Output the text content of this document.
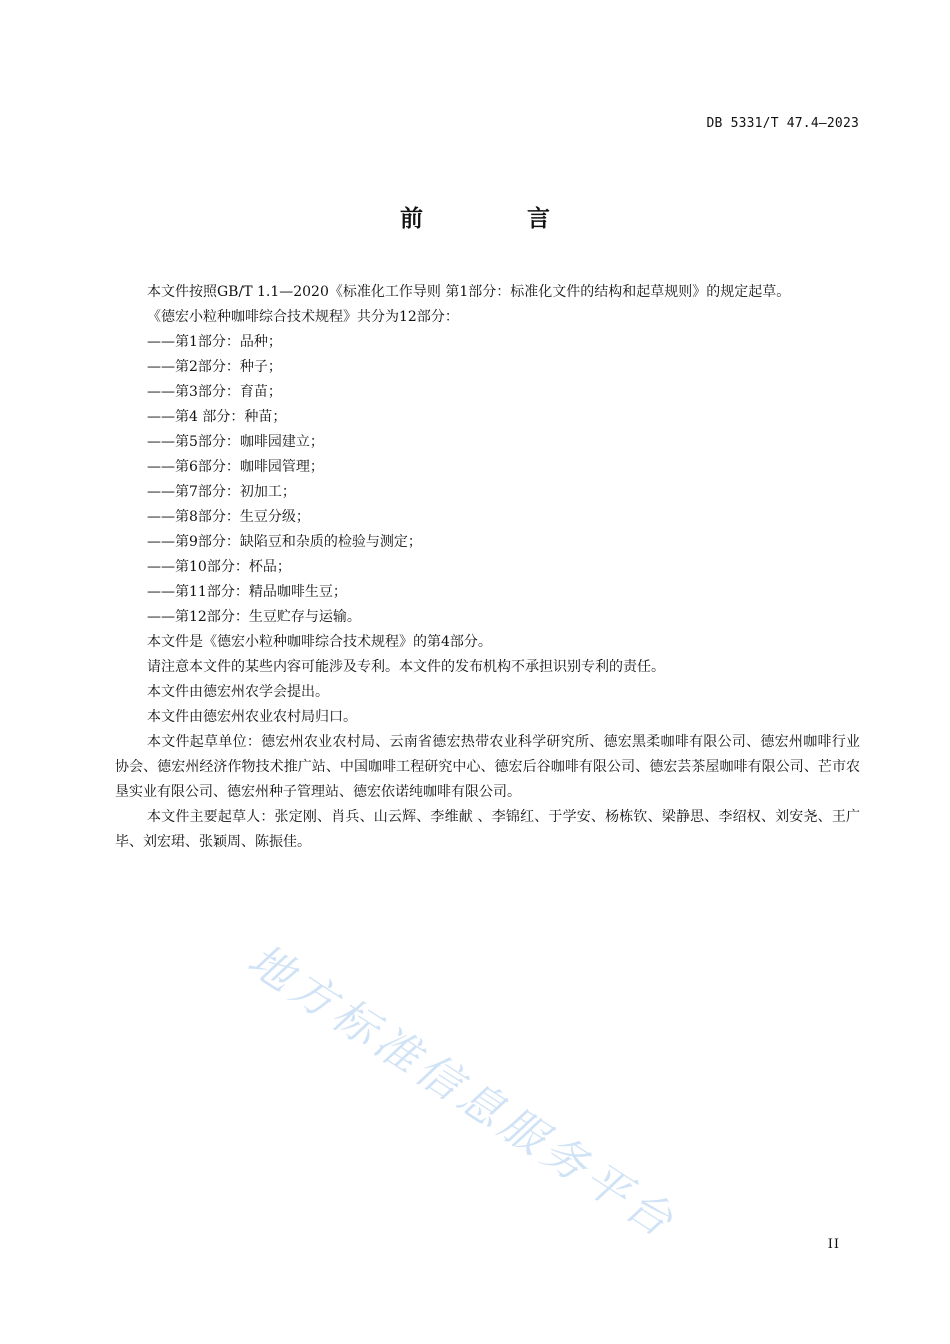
DB 5331/T 47.4—2023
前 言

本文件按照GB/T 1.1—2020《标准化工作导则 第1部分：标准化文件的结构和起草规则》的规定起草。

《德宏小粒种咖啡综合技术规程》共分为12部分：

——第1部分：品种；
——第2部分：种子；
——第3部分：育苗；
——第4 部分：种苗；
——第5部分：咖啡园建立；
——第6部分：咖啡园管理；
——第7部分：初加工；
——第8部分：生豆分级；
——第9部分：缺陷豆和杂质的检验与测定；
——第10部分：杯品；
——第11部分：精品咖啡生豆；
——第12部分：生豆贮存与运输。

本文件是《德宏小粒种咖啡综合技术规程》的第4部分。

请注意本文件的某些内容可能涉及专利。本文件的发布机构不承担识别专利的责任。

本文件由德宏州农学会提出。

本文件由德宏州农业农村局归口。

本文件起草单位：德宏州农业农村局、云南省德宏热带农业科学研究所、德宏黑柔咖啡有限公司、德宏州咖啡行业协会、德宏州经济作物技术推广站、中国咖啡工程研究中心、德宏后谷咖啡有限公司、德宏芸茶屋咖啡有限公司、芒市农垦实业有限公司、德宏州种子管理站、德宏依诺纯咖啡有限公司。

本文件主要起草人：张定刚、肖兵、山云辉、李维献 、李锦红、于学安、杨栋钦、梁静思、李绍权、刘安尧、王广毕、刘宏珺、张颖周、陈振佳。

地方标准信息服务平台	II
